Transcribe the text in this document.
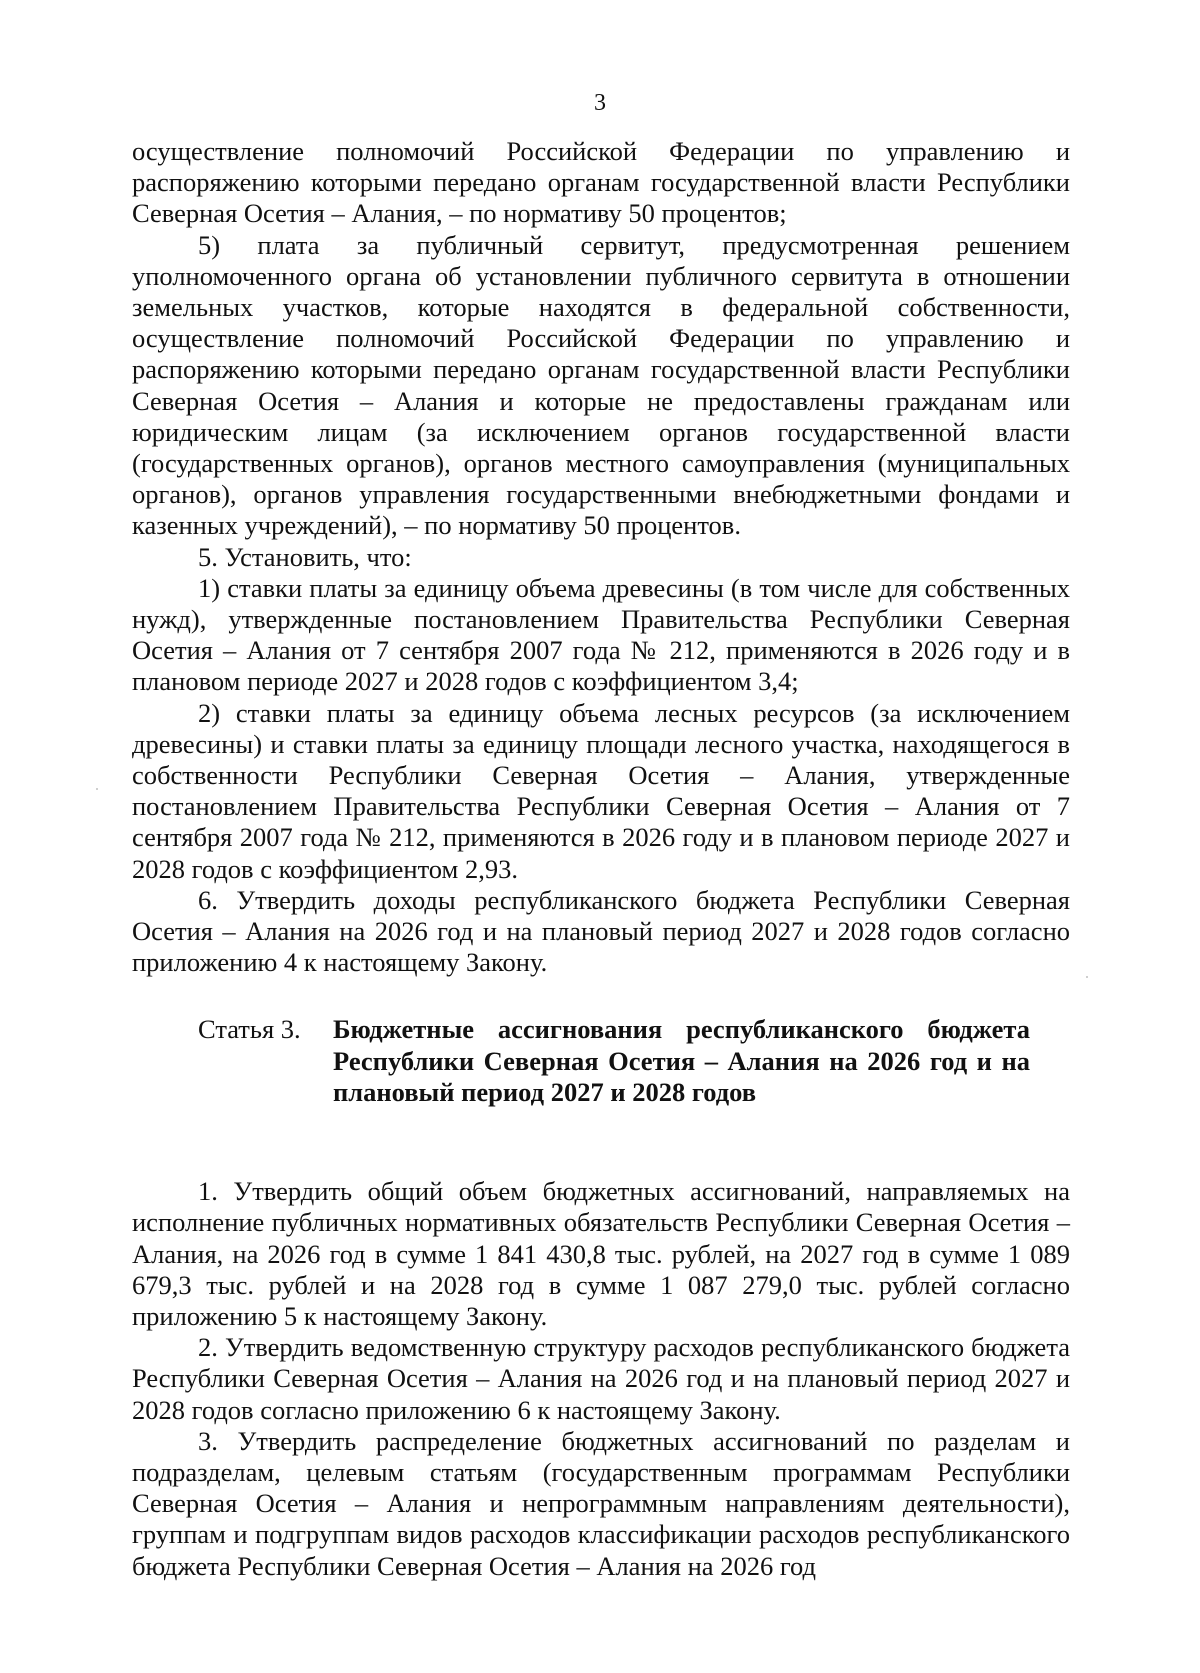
3

осуществление полномочий Российской Федерации по управлению и распоряжению которыми передано органам государственной власти Республики Северная Осетия – Алания, – по нормативу 50 процентов;

5) плата за публичный сервитут, предусмотренная решением уполномоченного органа об установлении публичного сервитута в отношении земельных участков, которые находятся в федеральной собственности, осуществление полномочий Российской Федерации по управлению и распоряжению которыми передано органам государственной власти Республики Северная Осетия – Алания и которые не предоставлены гражданам или юридическим лицам (за исключением органов государственной власти (государственных органов), органов местного самоуправления (муниципальных органов), органов управления государственными внебюджетными фондами и казенных учреждений), – по нормативу 50 процентов.

5. Установить, что:

1) ставки платы за единицу объема древесины (в том числе для собственных нужд), утвержденные постановлением Правительства Республики Северная Осетия – Алания от 7 сентября 2007 года № 212, применяются в 2026 году и в плановом периоде 2027 и 2028 годов с коэффициентом 3,4;

2) ставки платы за единицу объема лесных ресурсов (за исключением древесины) и ставки платы за единицу площади лесного участка, находящегося в собственности Республики Северная Осетия – Алания, утвержденные постановлением Правительства Республики Северная Осетия – Алания от 7 сентября 2007 года № 212, применяются в 2026 году и в плановом периоде 2027 и 2028 годов с коэффициентом 2,93.

6. Утвердить доходы республиканского бюджета Республики Северная Осетия – Алания на 2026 год и на плановый период 2027 и 2028 годов согласно приложению 4 к настоящему Закону.

Статья 3.	Бюджетные ассигнования республиканского бюджета Республики Северная Осетия – Алания на 2026 год и на плановый период 2027 и 2028 годов

1. Утвердить общий объем бюджетных ассигнований, направляемых на исполнение публичных нормативных обязательств Республики Северная Осетия – Алания, на 2026 год в сумме 1 841 430,8 тыс. рублей, на 2027 год в сумме 1 089 679,3 тыс. рублей и на 2028 год в сумме 1 087 279,0 тыс. рублей согласно приложению 5 к настоящему Закону.

2. Утвердить ведомственную структуру расходов республиканского бюджета Республики Северная Осетия – Алания на 2026 год и на плановый период 2027 и 2028 годов согласно приложению 6 к настоящему Закону.

3. Утвердить распределение бюджетных ассигнований по разделам и подразделам, целевым статьям (государственным программам Республики Северная Осетия – Алания и непрограммным направлениям деятельности), группам и подгруппам видов расходов классификации расходов республиканского бюджета Республики Северная Осетия – Алания на 2026 год
